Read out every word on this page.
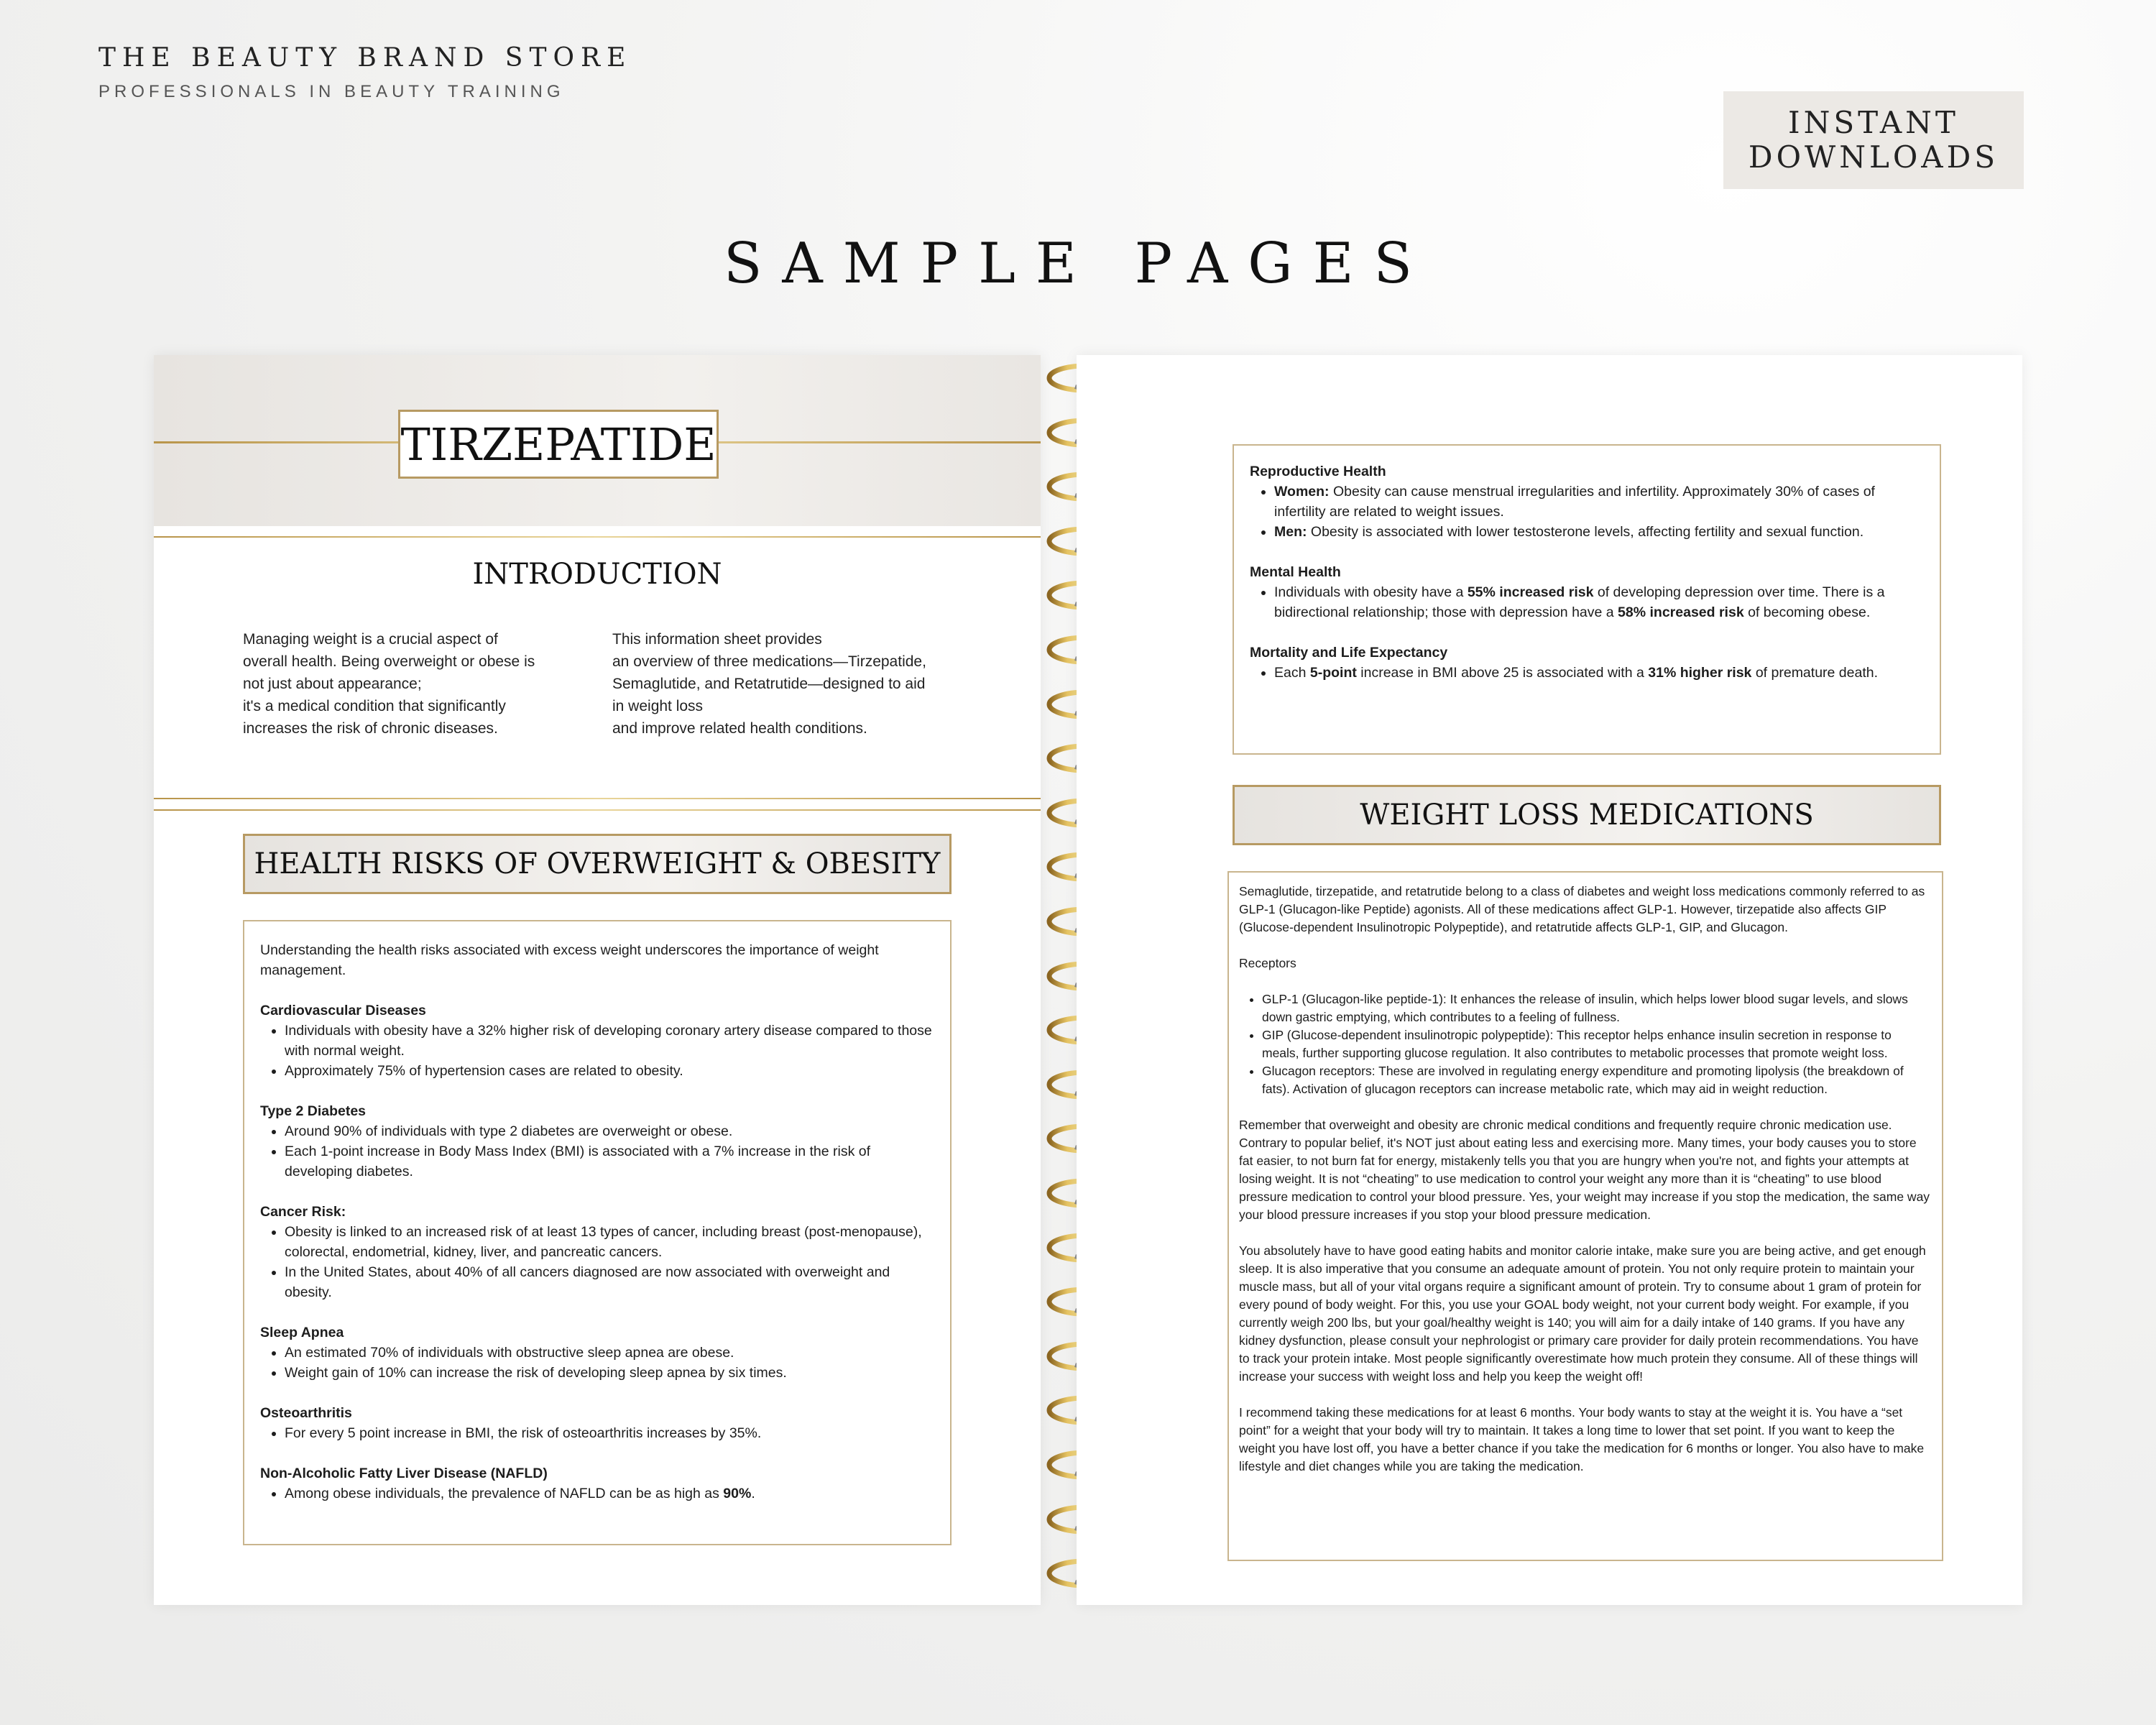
THE BEAUTY BRAND STORE
PROFESSIONALS IN BEAUTY TRAINING
INSTANT
DOWNLOADS
SAMPLE PAGES
TIRZEPATIDE
INTRODUCTION
Managing weight is a crucial aspect of
overall health. Being overweight or obese is
not just about appearance;
it's a medical condition that significantly
increases the risk of chronic diseases.
This information sheet provides
an overview of three medications—Tirzepatide,
Semaglutide, and Retatrutide—designed to aid
in weight loss
and improve related health conditions.
HEALTH RISKS OF OVERWEIGHT & OBESITY

Understanding the health risks associated with excess weight underscores the importance of weight management.

Cardiovascular Diseases

• Individuals with obesity have a 32% higher risk of developing coronary artery disease compared to those with normal weight.
• Approximately 75% of hypertension cases are related to obesity.

Type 2 Diabetes

• Around 90% of individuals with type 2 diabetes are overweight or obese.
• Each 1-point increase in Body Mass Index (BMI) is associated with a 7% increase in the risk of developing diabetes.

Cancer Risk:

• Obesity is linked to an increased risk of at least 13 types of cancer, including breast (post-menopause), colorectal, endometrial, kidney, liver, and pancreatic cancers.
• In the United States, about 40% of all cancers diagnosed are now associated with overweight and obesity.

Sleep Apnea

• An estimated 70% of individuals with obstructive sleep apnea are obese.
• Weight gain of 10% can increase the risk of developing sleep apnea by six times.

Osteoarthritis

• For every 5 point increase in BMI, the risk of osteoarthritis increases by 35%.

Non-Alcoholic Fatty Liver Disease (NAFLD)

• Among obese individuals, the prevalence of NAFLD can be as high as 90%.

Reproductive Health

• Women: Obesity can cause menstrual irregularities and infertility. Approximately 30% of cases of infertility are related to weight issues.
• Men: Obesity is associated with lower testosterone levels, affecting fertility and sexual function.

Mental Health

• Individuals with obesity have a 55% increased risk of developing depression over time. There is a bidirectional relationship; those with depression have a 58% increased risk of becoming obese.

Mortality and Life Expectancy

• Each 5-point increase in BMI above 25 is associated with a 31% higher risk of premature death.
WEIGHT LOSS MEDICATIONS

Semaglutide, tirzepatide, and retatrutide belong to a class of diabetes and weight loss medications commonly referred to as GLP-1 (Glucagon-like Peptide) agonists. All of these medications affect GLP-1. However, tirzepatide also affects GIP (Glucose-dependent Insulinotropic Polypeptide), and retatrutide affects GLP-1, GIP, and Glucagon.

Receptors

• GLP-1 (Glucagon-like peptide-1): It enhances the release of insulin, which helps lower blood sugar levels, and slows down gastric emptying, which contributes to a feeling of fullness.
• GIP (Glucose-dependent insulinotropic polypeptide): This receptor helps enhance insulin secretion in response to meals, further supporting glucose regulation. It also contributes to metabolic processes that promote weight loss.
• Glucagon receptors: These are involved in regulating energy expenditure and promoting lipolysis (the breakdown of fats). Activation of glucagon receptors can increase metabolic rate, which may aid in weight reduction.

Remember that overweight and obesity are chronic medical conditions and frequently require chronic medication use. Contrary to popular belief, it's NOT just about eating less and exercising more. Many times, your body causes you to store fat easier, to not burn fat for energy, mistakenly tells you that you are hungry when you're not, and fights your attempts at losing weight. It is not “cheating” to use medication to control your weight any more than it is “cheating” to use blood pressure medication to control your blood pressure. Yes, your weight may increase if you stop the medication, the same way your blood pressure increases if you stop your blood pressure medication.

You absolutely have to have good eating habits and monitor calorie intake, make sure you are being active, and get enough sleep. It is also imperative that you consume an adequate amount of protein. You not only require protein to maintain your muscle mass, but all of your vital organs require a significant amount of protein. Try to consume about 1 gram of protein for every pound of body weight. For this, you use your GOAL body weight, not your current body weight. For example, if you currently weigh 200 lbs, but your goal/healthy weight is 140; you will aim for a daily intake of 140 grams. If you have any kidney dysfunction, please consult your nephrologist or primary care provider for daily protein recommendations. You have to track your protein intake. Most people significantly overestimate how much protein they consume. All of these things will increase your success with weight loss and help you keep the weight off!

I recommend taking these medications for at least 6 months. Your body wants to stay at the weight it is. You have a “set point” for a weight that your body will try to maintain. It takes a long time to lower that set point. If you want to keep the weight you have lost off, you have a better chance if you take the medication for 6 months or longer. You also have to make lifestyle and diet changes while you are taking the medication.
